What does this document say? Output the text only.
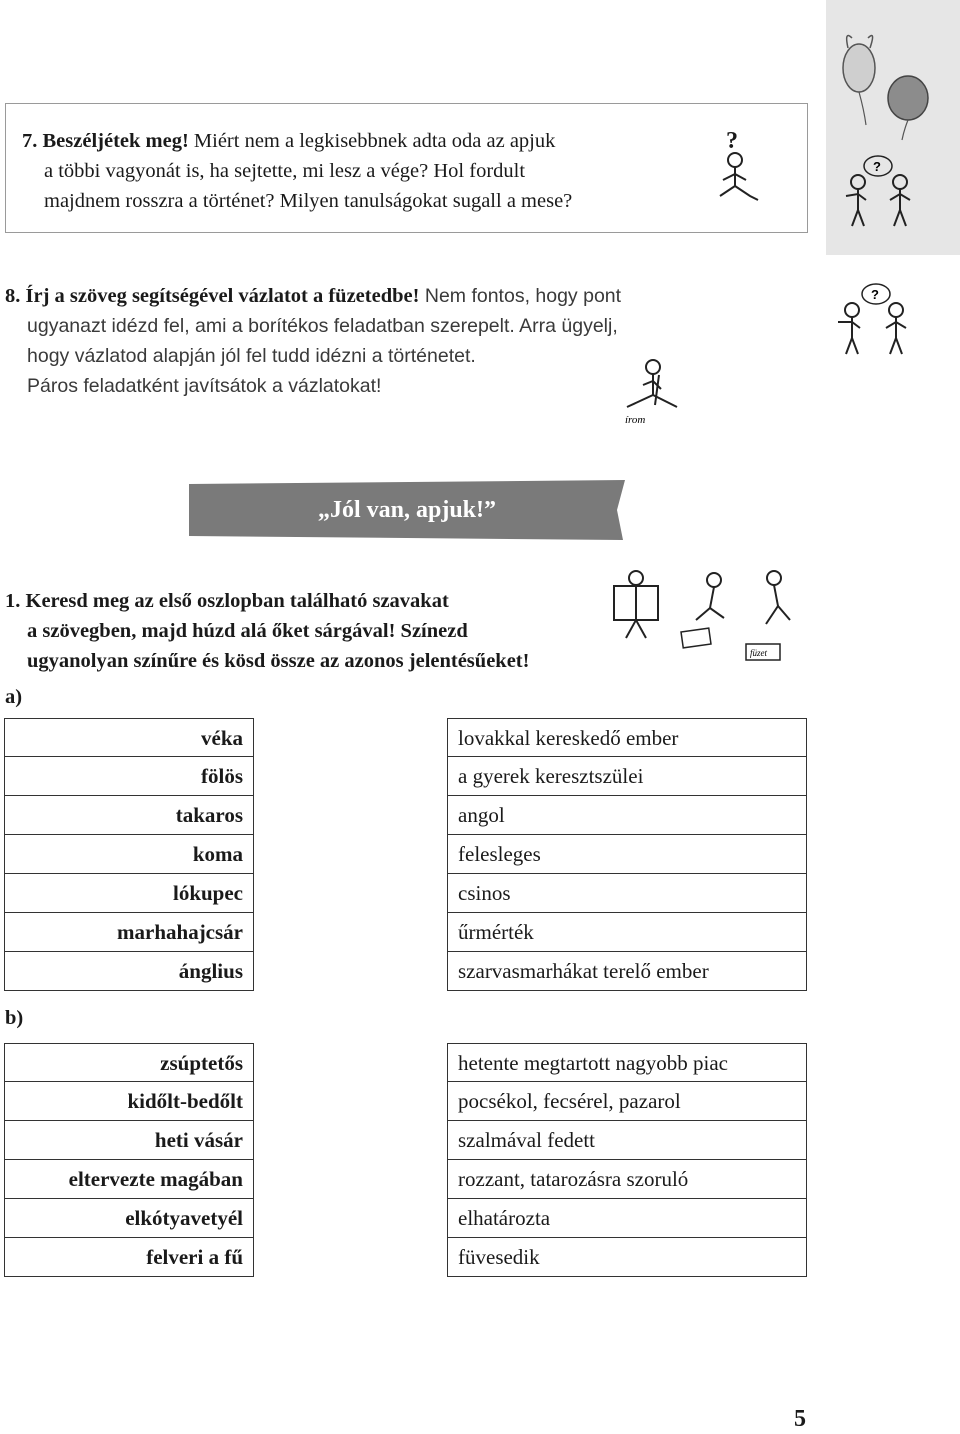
7. Beszéljétek meg! Miért nem a legkisebbnek adta oda az apjuk
a többi vagyonát is, ha sejtette, mi lesz a vége? Hol fordult
majdnem rosszra a történet? Milyen tanulságokat sugall a mese?
?
?
8. Írj a szöveg segítségével vázlatot a füzetedbe! Nem fontos, hogy pont
ugyanazt idézd fel, ami a borítékos feladatban szerepelt. Arra ügyelj,
hogy vázlatod alapján jól fel tudd idézni a történetet.
Páros feladatként javítsátok a vázlatokat!
?
írom
„Jól van, apjuk!”
1. Keresd meg az első oszlopban található szavakat
a szövegben, majd húzd alá őket sárgával! Színezd
ugyanolyan színűre és kösd össze az azonos jelentésűeket!	füzet
a)
véka
fölös
takaros
koma
lókupec
marhahajcsár
ánglius
lovakkal kereskedő ember
a gyerek keresztszülei
angol
felesleges
csinos
űrmérték
szarvasmarhákat terelő ember
b)
zsúptetős
kidőlt-bedőlt
heti vásár
eltervezte magában
elkótyavetyél
felveri a fű
hetente megtartott nagyobb piac
pocsékol, fecsérel, pazarol
szalmával fedett
rozzant, tatarozásra szoruló
elhatározta
füvesedik
5
